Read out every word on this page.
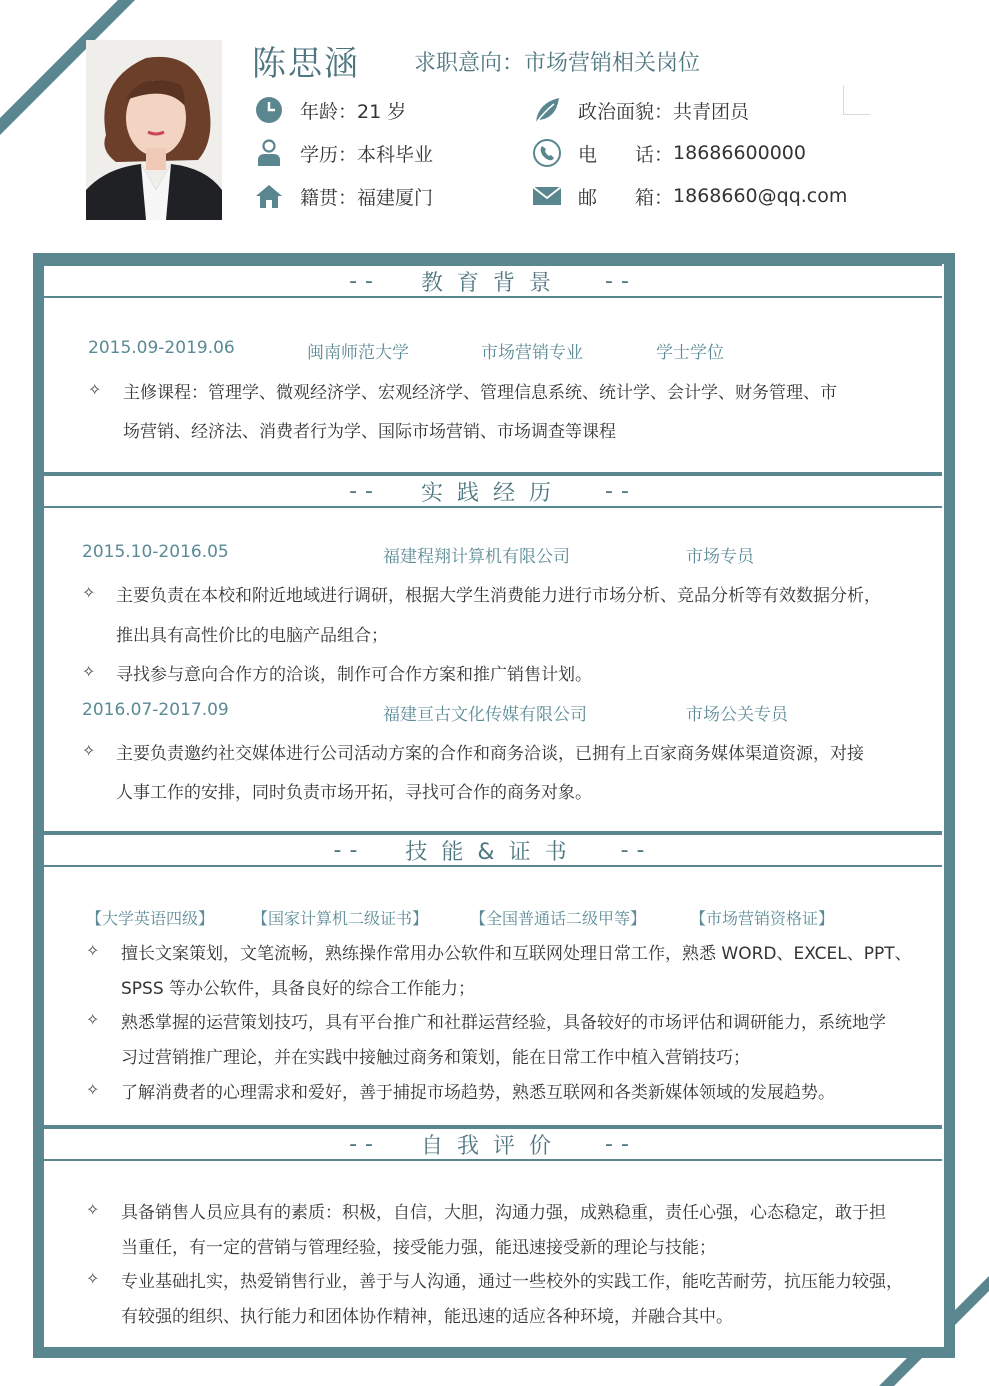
陈思涵 求职意向：市场营销相关岗位
年龄： 21 岁
学历： 本科毕业
籍贯： 福建厦门
政治面貌： 共青团员
电　　话： 18686600000
邮　　箱： 1868660@qq.com
-- 教育背景 --
2015.09-2019.06	闽南师范大学	市场营销专业	学士学位
✧ 主修课程：管理学、微观经济学、宏观经济学、管理信息系统、统计学、会计学、财务管理、市
场营销、经济法、消费者行为学、国际市场营销、市场调查等课程
-- 实践经历 --
2015.10-2016.05	福建程翔计算机有限公司	市场专员
✧ 主要负责在本校和附近地域进行调研，根据大学生消费能力进行市场分析、竞品分析等有效数据分析，
推出具有高性价比的电脑产品组合；
✧ 寻找参与意向合作方的洽谈，制作可合作方案和推广销售计划。
2016.07-2017.09	福建亘古文化传媒有限公司	市场公关专员
✧ 主要负责邀约社交媒体进行公司活动方案的合作和商务洽谈，已拥有上百家商务媒体渠道资源，对接
人事工作的安排，同时负责市场开拓，寻找可合作的商务对象。
-- 技能&证书 --
【大学英语四级】 【国家计算机二级证书】	【全国普通话二级甲等】	【市场营销资格证】
✧ 擅长文案策划，文笔流畅，熟练操作常用办公软件和互联网处理日常工作，熟悉 WORD、EXCEL、PPT、
SPSS 等办公软件，具备良好的综合工作能力；
✧ 熟悉掌握的运营策划技巧，具有平台推广和社群运营经验，具备较好的市场评估和调研能力，系统地学
习过营销推广理论，并在实践中接触过商务和策划，能在日常工作中植入营销技巧；
✧ 了解消费者的心理需求和爱好，善于捕捉市场趋势，熟悉互联网和各类新媒体领域的发展趋势。
-- 自我评价 --
✧ 具备销售人员应具有的素质：积极，自信，大胆，沟通力强，成熟稳重，责任心强，心态稳定，敢于担
当重任，有一定的营销与管理经验，接受能力强，能迅速接受新的理论与技能；
✧ 专业基础扎实，热爱销售行业，善于与人沟通，通过一些校外的实践工作，能吃苦耐劳，抗压能力较强，
有较强的组织、执行能力和团体协作精神，能迅速的适应各种环境，并融合其中。
